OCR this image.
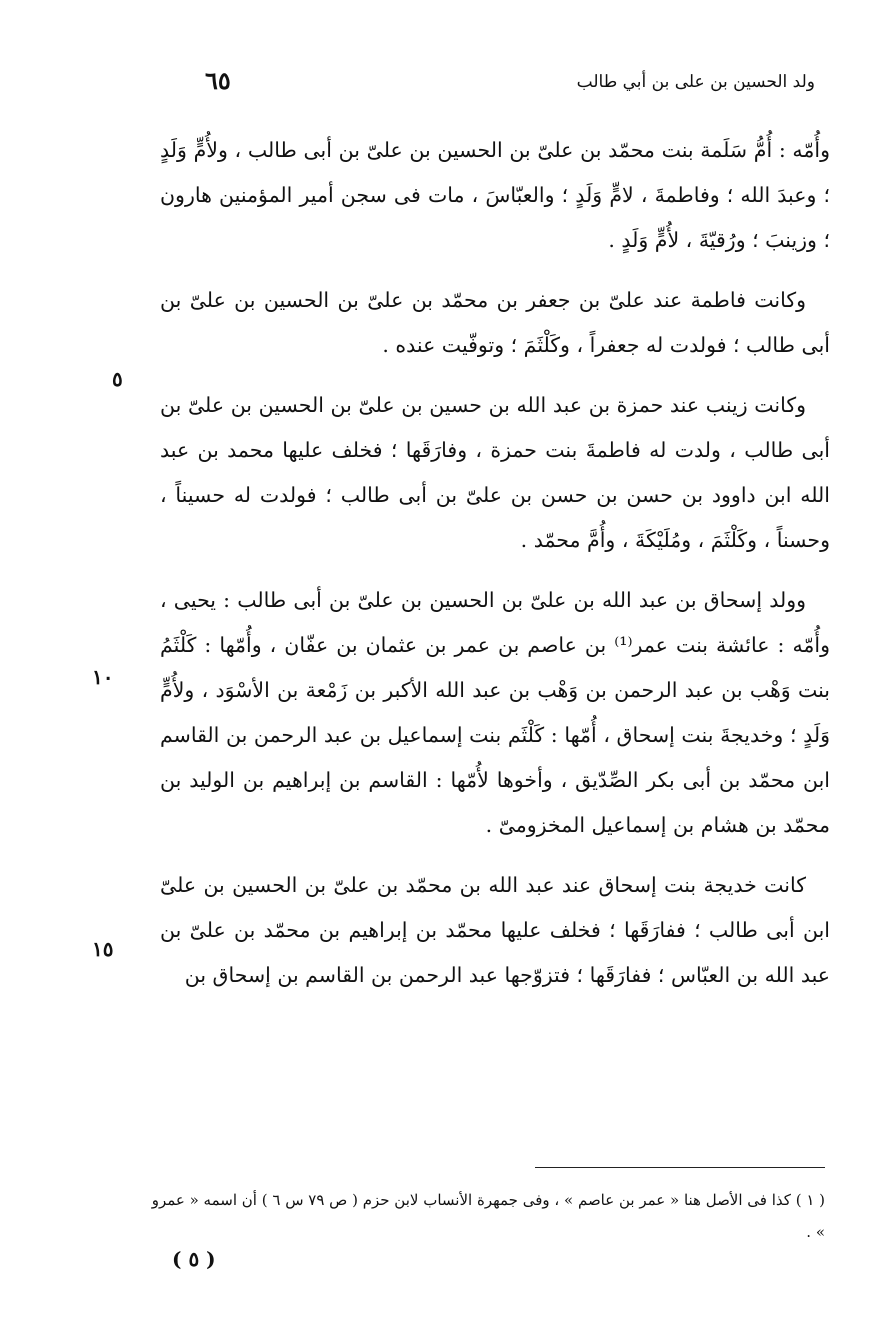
٦٥	ولد الحسين بن على بن أبي طالب

وأُمّه : أُمُّ سَلَمة بنت محمّد بن علىّ بن الحسين بن علىّ بن أبى طالب ، ولأُمٍّ وَلَدٍ ؛ وعبدَ الله ؛ وفاطمةَ ، لامٍّ وَلَدٍ ؛ والعبّاسَ ، مات فى سجن أمير المؤمنين هارون ؛ وزينبَ ؛ ورُقيّةَ ، لأُمٍّ وَلَدٍ .

وكانت فاطمة عند علىّ بن جعفر بن محمّد بن علىّ بن الحسين بن علىّ بن أبى طالب ؛ فولدت له جعفراً ، وكَلْثَمَ ؛ وتوفّيت عنده .

وكانت زينب عند حمزة بن عبد الله بن حسين بن علىّ بن الحسين بن علىّ بن أبى طالب ، ولدت له فاطمةَ بنت حمزة ، وفارَقَها ؛ فخلف عليها محمد بن عبد الله ابن داوود بن حسن بن حسن بن علىّ بن أبى طالب ؛ فولدت له حسيناً ، وحسناً ، وكَلْثَمَ ، ومُلَيْكَةَ ، وأُمَّ محمّد .

وولد إسحاق بن عبد الله بن علىّ بن الحسين بن علىّ بن أبى طالب : يحيى ، وأُمّه : عائشة بنت عمر⁽¹⁾ بن عاصم بن عمر بن عثمان بن عفّان ، وأُمّها : كَلْثَمُ بنت وَهْب بن عبد الرحمن بن وَهْب بن عبد الله الأكبر بن زَمْعة بن الأسْوَد ، ولأُمٍّ وَلَدٍ ؛ وخديجةَ بنت إسحاق ، أُمّها : كَلْثَم بنت إسماعيل بن عبد الرحمن بن القاسم ابن محمّد بن أبى بكر الصِّدّيق ، وأخوها لأُمّها : القاسم بن إبراهيم بن الوليد بن محمّد بن هشام بن إسماعيل المخزومىّ .

كانت خديجة بنت إسحاق عند عبد الله بن محمّد بن علىّ بن الحسين بن علىّ ابن أبى طالب ؛ ففارَقَها ؛ فخلف عليها محمّد بن إبراهيم بن محمّد بن علىّ بن عبد الله بن العبّاس ؛ ففارَقَها ؛ فتزوّجها عبد الرحمن بن القاسم بن إسحاق بن

٥
١٠
١٥
( ١ ) كذا فى الأصل هنا « عمر بن عاصم » ، وفى جمهرة الأنساب لابن حزم ( ص ٧٩ س ٦ ) أن اسمه « عمرو » .
( ٥ )
